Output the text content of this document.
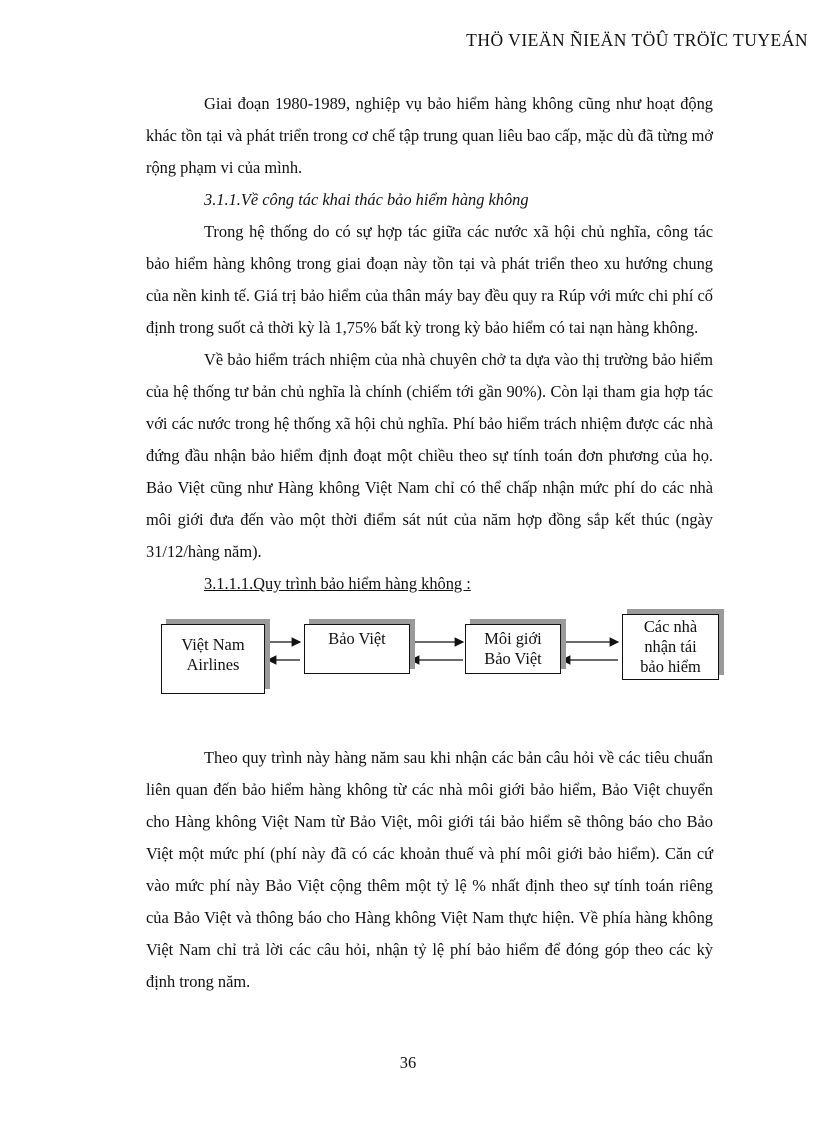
THÖ VIEÄN ÑIEÄN TÖÛ TRÖÏC TUYEÁN

Giai đoạn 1980-1989, nghiệp vụ bảo hiểm hàng không cũng như hoạt động khác tồn tại và phát triển trong cơ chế tập trung quan liêu bao cấp, mặc dù đã từng mở rộng phạm vi của mình.

3.1.1.Về công tác khai thác bảo hiểm hàng không

Trong hệ thống do có sự hợp tác giữa các nước xã hội chủ nghĩa, công tác bảo hiểm hàng không trong giai đoạn này tồn tại và phát triển theo xu hướng chung của nền kinh tế. Giá trị bảo hiểm của thân máy bay đều quy ra Rúp với mức chi phí cố định trong suốt cả thời kỳ là 1,75% bất kỳ trong kỳ bảo hiểm có tai nạn hàng không.

Về bảo hiểm trách nhiệm của nhà chuyên chở ta dựa vào thị trường bảo hiểm của hệ thống tư bản chủ nghĩa là chính (chiếm tới gần 90%). Còn lại tham gia hợp tác với các nước trong hệ thống xã hội chủ nghĩa. Phí bảo hiểm trách nhiệm được các nhà đứng đầu nhận bảo hiểm định đoạt một chiều theo sự tính toán đơn phương của họ. Bảo Việt cũng như Hàng không Việt Nam chỉ có thể chấp nhận mức phí do các nhà môi giới đưa đến vào một thời điểm sát nút của năm hợp đồng sắp kết thúc (ngày 31/12/hàng năm).

3.1.1.1.Quy trình bảo hiểm hàng không :

Việt Nam
Airlines
Bảo Việt	Môi giới
Bảo Việt
Các nhà
nhận tái
bảo hiểm

Theo quy trình này hàng năm sau khi nhận các bản câu hỏi về các tiêu chuẩn liên quan đến bảo hiểm hàng không từ các nhà môi giới bảo hiểm, Bảo Việt chuyển cho Hàng không Việt Nam từ Bảo Việt, môi giới tái bảo hiểm sẽ thông báo cho Bảo Việt một mức phí (phí này đã có các khoản thuế và phí môi giới bảo hiểm). Căn cứ vào mức phí này Bảo Việt cộng thêm một tỷ lệ % nhất định theo sự tính toán riêng của Bảo Việt và thông báo cho Hàng không Việt Nam thực hiện. Về phía hàng không Việt Nam chỉ trả lời các câu hỏi, nhận tỷ lệ phí bảo hiểm để đóng góp theo các kỳ định trong năm.

36
